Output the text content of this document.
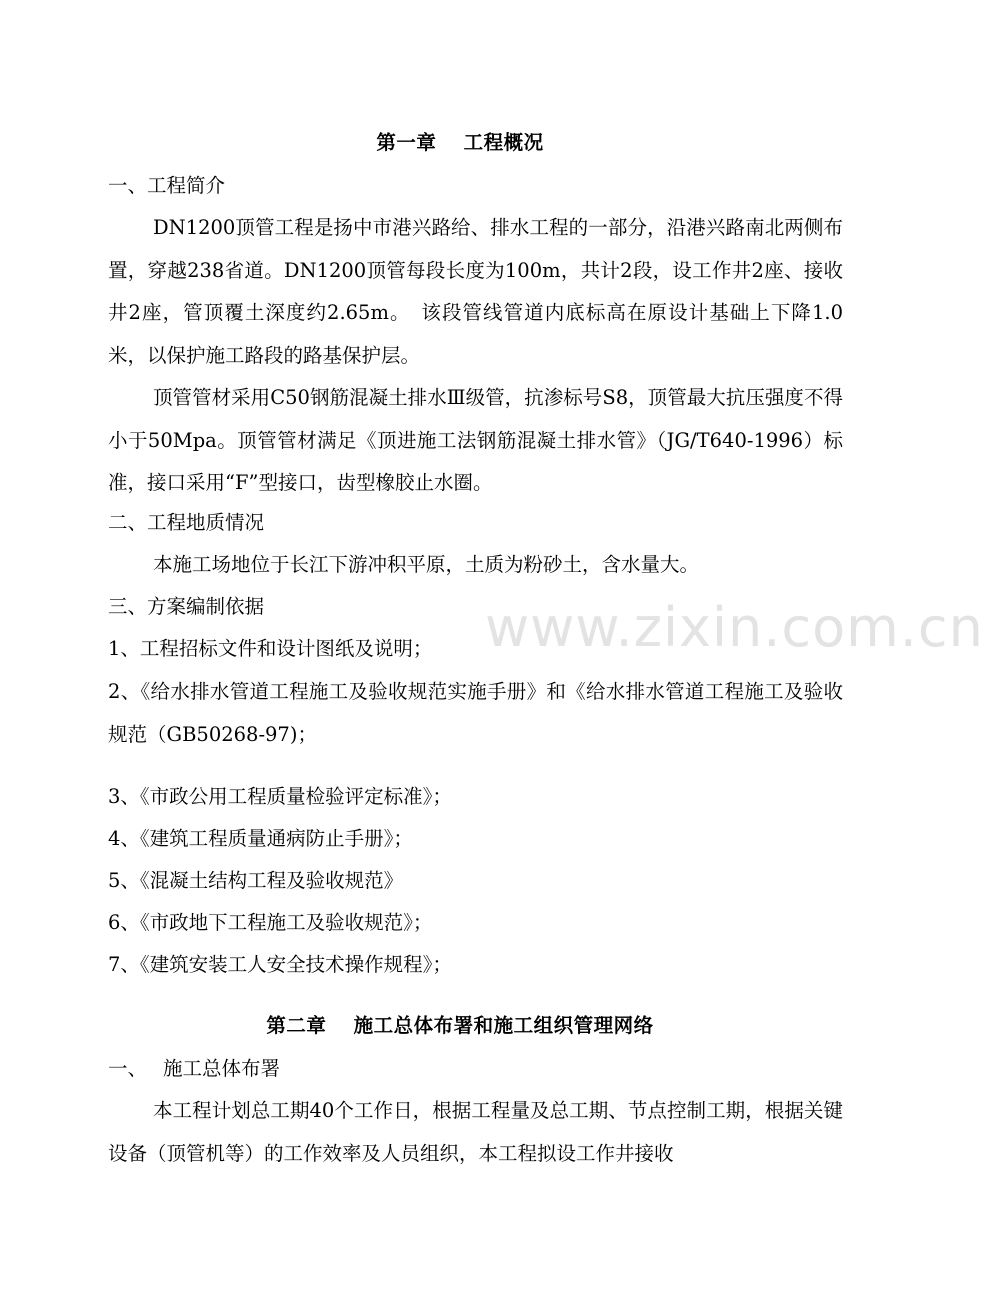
www.zixin.com.cn
第一章　 工程概况
一、工程简介
DN1200顶管工程是扬中市港兴路给、排水工程的一部分，沿港兴路南北两侧布置，穿越238省道。DN1200顶管每段长度为100m，共计2段，设工作井2座、接收井2座，管顶覆土深度约2.65m。　该段管线管道内底标高在原设计基础上下降1.0米，以保护施工路段的路基保护层。
顶管管材采用C50钢筋混凝土排水Ⅲ级管，抗渗标号S8，顶管最大抗压强度不得小于50Mpa。顶管管材满足《顶进施工法钢筋混凝土排水管》（JG/T640-1996）标准，接口采用“F”型接口，齿型橡胶止水圈。
二、工程地质情况
本施工场地位于长江下游冲积平原，土质为粉砂土，含水量大。
三、方案编制依据
1、工程招标文件和设计图纸及说明；
2、《给水排水管道工程施工及验收规范实施手册》和《给水排水管道工程施工及验收规范（GB50268-97)；
3、《市政公用工程质量检验评定标准》；
4、《建筑工程质量通病防止手册》；
5、《混凝土结构工程及验收规范》
6、《市政地下工程施工及验收规范》；
7、《建筑安装工人安全技术操作规程》；
第二章　 施工总体布署和施工组织管理网络
一、　 施工总体布署
本工程计划总工期40个工作日，根据工程量及总工期、节点控制工期，根据关键设备（顶管机等）的工作效率及人员组织，本工程拟设工作井接收
